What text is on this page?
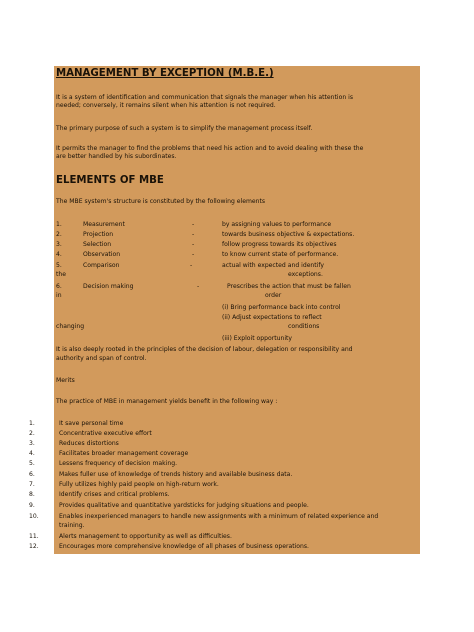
MANAGEMENT BY EXCEPTION (M.B.E.)
It is a system of identification and communication that signals the manager when his attention is
needed; conversely, it remains silent when his attention is not required.
The primary purpose of such a system is to simplify the management process itself.
It permits the manager to find the problems that need his action and to avoid dealing with these the
are better handled by his subordinates.
ELEMENTS OF MBE
The MBE system's structure is constituted by the following elements
1.	Measurement	-	by assigning values to performance
2.	Projection	-	towards business objective & expectations.
3.	Selection	-	follow progress towards its objectives
4.	Observation	-	to know current state of performance.
5.	Comparison	-	actual with expected and identify
the	exceptions.
6.	Decision making	-	Prescribes the action that must be fallen
in	order
(i) Bring performance back into control
(ii) Adjust expectations to reflect
changing	conditions
(iii) Exploit opportunity
It is also deeply rooted in the principles of the decision of labour, delegation or responsibility and
authority and span of control.
Merits
The practice of MBE in management yields benefit in the following way :
1.	It save personal time
2.	Concentrative executive effort
3.	Reduces distortions
4.	Facilitates broader management coverage
5.	Lessens frequency of decision making.
6.	Makes fuller use of knowledge of trends history and available business data.
7.	Fully utilizes highly paid people on high-return work.
8.	Identify crises and critical problems.
9.	Provides qualitative and quantitative yardsticks for judging situations and people.
10.	Enables inexperienced managers to handle new assignments with a minimum of related experience and
training.
11.	Alerts management to opportunity as well as difficulties.
12.	Encourages more comprehensive knowledge of all phases of business operations.
